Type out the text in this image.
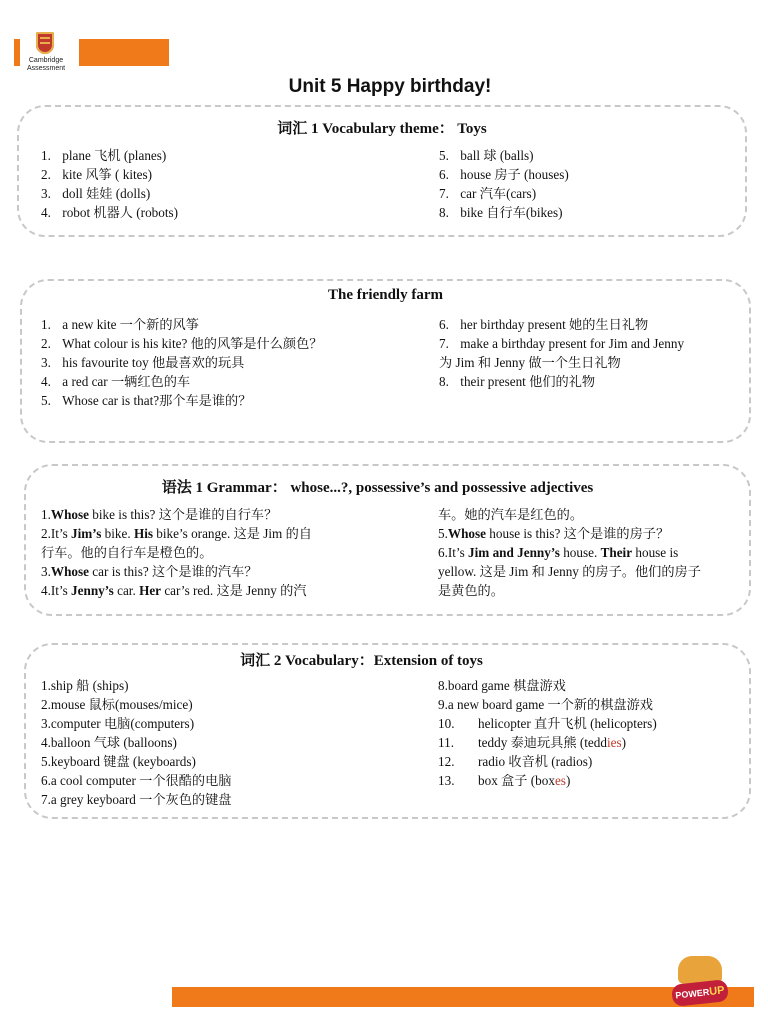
Cambridge
Assessment
Unit 5 Happy birthday!
词汇 1 Vocabulary theme： Toys
1. plane 飞机 (planes)
2. kite 风筝 ( kites)
3. doll 娃娃 (dolls)
4. robot 机器人 (robots)
5. ball 球 (balls)
6. house 房子 (houses)
7. car 汽车(cars)
8. bike 自行车(bikes)
The friendly farm
1. a new kite 一个新的风筝
2. What colour is his kite? 他的风筝是什么颜色？
3. his favourite toy 他最喜欢的玩具
4. a red car 一辆红色的车
5. Whose car is that?那个车是谁的？
6. her birthday present 她的生日礼物
7. make a birthday present for Jim and Jenny
为 Jim 和 Jenny 做一个生日礼物
8. their present 他们的礼物
语法 1 Grammar： whose...?, possessive’s and possessive adjectives
1.Whose bike is this? 这个是谁的自行车？
2.It’s Jim’s bike. His bike’s orange. 这是 Jim 的自
行车。他的自行车是橙色的。
3.Whose car is this? 这个是谁的汽车？
4.It’s Jenny’s car. Her car’s red. 这是 Jenny 的汽
车。她的汽车是红色的。
5.Whose house is this? 这个是谁的房子？
6.It’s Jim and Jenny’s house. Their house is
yellow. 这是 Jim 和 Jenny 的房子。他们的房子
是黄色的。
词汇 2 Vocabulary：Extension of toys
1.ship 船 (ships)
2.mouse 鼠标(mouses/mice)
3.computer 电脑(computers)
4.balloon 气球 (balloons)
5.keyboard 键盘 (keyboards)
6.a cool computer 一个很酷的电脑
7.a grey keyboard 一个灰色的键盘
8.board game 棋盘游戏
9.a new board game 一个新的棋盘游戏
10. helicopter 直升飞机 (helicopters)
11. teddy 泰迪玩具熊 (teddies)
12. radio 收音机 (radios)
13. box 盒子 (boxes)
POWERUP
